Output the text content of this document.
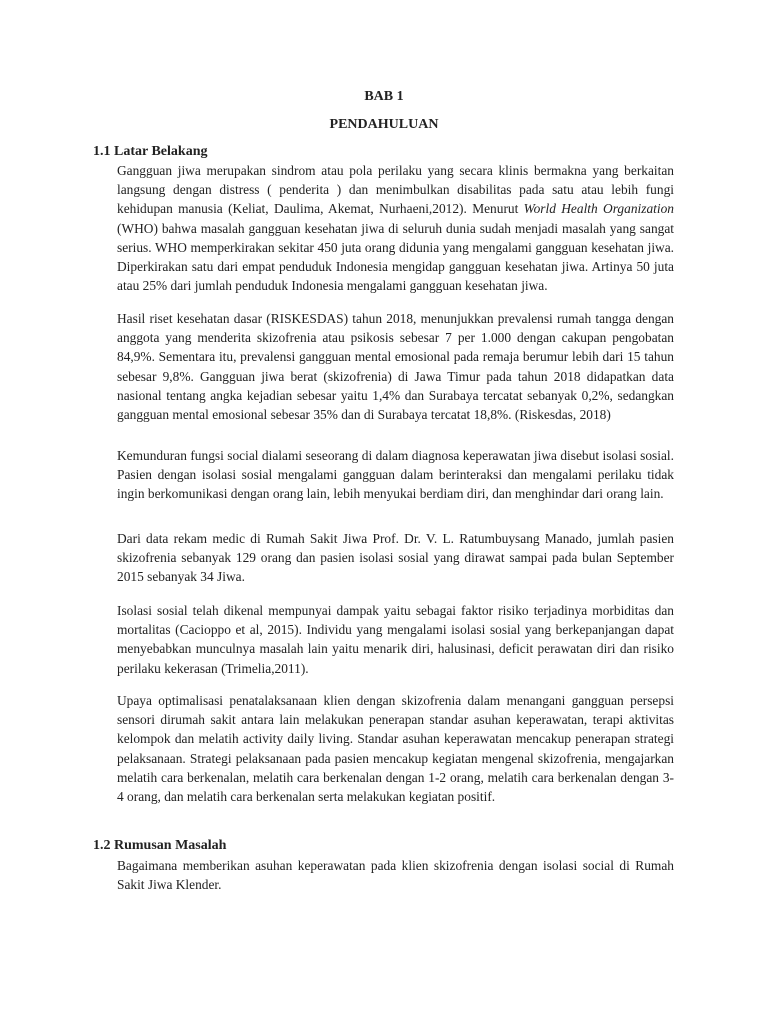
BAB 1
PENDAHULUAN
1.1 Latar Belakang

Gangguan jiwa merupakan sindrom atau pola perilaku yang secara klinis bermakna yang berkaitan langsung dengan distress ( penderita ) dan menimbulkan disabilitas pada satu atau lebih fungi kehidupan manusia (Keliat, Daulima, Akemat, Nurhaeni,2012). Menurut World Health Organization (WHO) bahwa masalah gangguan kesehatan jiwa di seluruh dunia sudah menjadi masalah yang sangat serius. WHO memperkirakan sekitar 450 juta orang didunia yang mengalami gangguan kesehatan jiwa. Diperkirakan satu dari empat penduduk Indonesia mengidap gangguan kesehatan jiwa. Artinya 50 juta atau 25% dari jumlah penduduk Indonesia mengalami gangguan kesehatan jiwa.

Hasil riset kesehatan dasar (RISKESDAS) tahun 2018, menunjukkan prevalensi rumah tangga dengan anggota yang menderita skizofrenia atau psikosis sebesar 7 per 1.000 dengan cakupan pengobatan 84,9%. Sementara itu, prevalensi gangguan mental emosional pada remaja berumur lebih dari 15 tahun sebesar 9,8%. Gangguan jiwa berat (skizofrenia) di Jawa Timur pada tahun 2018 didapatkan data nasional tentang angka kejadian sebesar yaitu 1,4% dan Surabaya tercatat sebanyak 0,2%, sedangkan gangguan mental emosional sebesar 35% dan di Surabaya tercatat 18,8%. (Riskesdas, 2018)

Kemunduran fungsi social dialami seseorang di dalam diagnosa keperawatan jiwa disebut isolasi sosial. Pasien dengan isolasi sosial mengalami gangguan dalam berinteraksi dan mengalami perilaku tidak ingin berkomunikasi dengan orang lain, lebih menyukai berdiam diri, dan menghindar dari orang lain.

Dari data rekam medic di Rumah Sakit Jiwa Prof. Dr. V. L. Ratumbuysang Manado, jumlah pasien skizofrenia sebanyak 129 orang dan pasien isolasi sosial yang dirawat sampai pada bulan September 2015 sebanyak 34 Jiwa.

Isolasi sosial telah dikenal mempunyai dampak yaitu sebagai faktor risiko terjadinya morbiditas dan mortalitas (Cacioppo et al, 2015). Individu yang mengalami isolasi sosial yang berkepanjangan dapat menyebabkan munculnya masalah lain yaitu menarik diri, halusinasi, deficit perawatan diri dan risiko perilaku kekerasan (Trimelia,2011).

Upaya optimalisasi penatalaksanaan klien dengan skizofrenia dalam menangani gangguan persepsi sensori dirumah sakit antara lain melakukan penerapan standar asuhan keperawatan, terapi aktivitas kelompok dan melatih activity daily living. Standar asuhan keperawatan mencakup penerapan strategi pelaksanaan. Strategi pelaksanaan pada pasien mencakup kegiatan mengenal skizofrenia, mengajarkan melatih cara berkenalan, melatih cara berkenalan dengan 1-2 orang, melatih cara berkenalan dengan 3-4 orang, dan melatih cara berkenalan serta melakukan kegiatan positif.

1.2 Rumusan Masalah

Bagaimana memberikan asuhan keperawatan pada klien skizofrenia dengan isolasi social di Rumah Sakit Jiwa Klender.
